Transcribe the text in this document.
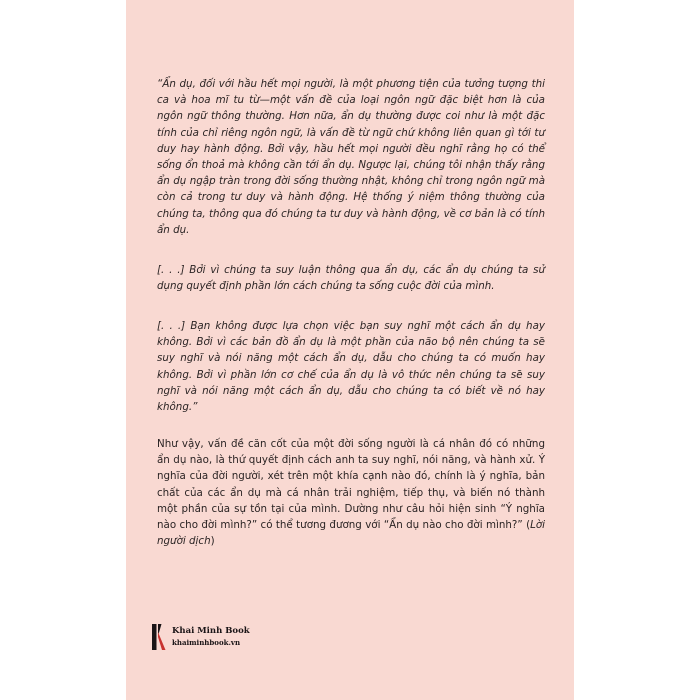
“Ẩn dụ, đối với hầu hết mọi người, là một phương tiện của tưởng tượng thi ca và hoa mĩ tu từ—một vấn đề của loại ngôn ngữ đặc biệt hơn là của ngôn ngữ thông thường. Hơn nữa, ẩn dụ thường được coi như là một đặc tính của chỉ riêng ngôn ngữ, là vấn đề từ ngữ chứ không liên quan gì tới tư duy hay hành động. Bởi vậy, hầu hết mọi người đều nghĩ rằng họ có thể sống ổn thoả mà không cần tới ẩn dụ. Ngược lại, chúng tôi nhận thấy rằng ẩn dụ ngập tràn trong đời sống thường nhật, không chỉ trong ngôn ngữ mà còn cả trong tư duy và hành động. Hệ thống ý niệm thông thường của chúng ta, thông qua đó chúng ta tư duy và hành động, về cơ bản là có tính ẩn dụ.

[. . .] Bởi vì chúng ta suy luận thông qua ẩn dụ, các ẩn dụ chúng ta sử dụng quyết định phần lớn cách chúng ta sống cuộc đời của mình.

[. . .] Bạn không được lựa chọn việc bạn suy nghĩ một cách ẩn dụ hay không. Bởi vì các bản đồ ẩn dụ là một phần của não bộ nên chúng ta sẽ suy nghĩ và nói năng một cách ẩn dụ, dẫu cho chúng ta có muốn hay không. Bởi vì phần lớn cơ chế của ẩn dụ là vô thức nên chúng ta sẽ suy nghĩ và nói năng một cách ẩn dụ, dẫu cho chúng ta có biết về nó hay không.”

Như vậy, vấn đề căn cốt của một đời sống người là cá nhân đó có những ẩn dụ nào, là thứ quyết định cách anh ta suy nghĩ, nói năng, và hành xử. Ý nghĩa của đời người, xét trên một khía cạnh nào đó, chính là ý nghĩa, bản chất của các ẩn dụ mà cá nhân trải nghiệm, tiếp thụ, và biến nó thành một phần của sự tồn tại của mình. Dường như câu hỏi hiện sinh “Ý nghĩa nào cho đời mình?” có thể tương đương với “Ẩn dụ nào cho đời mình?” (Lời người dịch)

Khai Minh Book
khaiminhbook.vn
